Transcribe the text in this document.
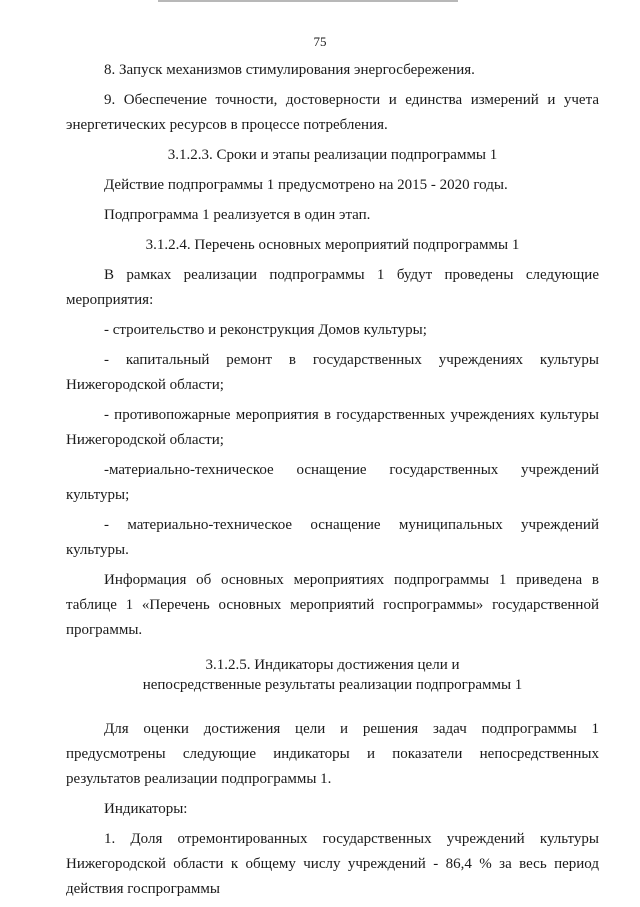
75

8. Запуск механизмов стимулирования энергосбережения.

9. Обеспечение точности, достоверности и единства измерений и учета энергетических ресурсов в процессе потребления.

3.1.2.3. Сроки и этапы реализации подпрограммы 1

Действие подпрограммы 1 предусмотрено на 2015 - 2020 годы.

Подпрограмма 1 реализуется в один этап.

3.1.2.4. Перечень основных мероприятий подпрограммы 1

В рамках реализации подпрограммы 1 будут проведены следующие мероприятия:

- строительство и реконструкция Домов культуры;

- капитальный ремонт в государственных учреждениях культуры Нижегородской области;

- противопожарные мероприятия в государственных учреждениях культуры Нижегородской области;

-материально-техническое оснащение государственных учреждений культуры;

- материально-техническое оснащение муниципальных учреждений культуры.

Информация об основных мероприятиях подпрограммы 1 приведена в таблице 1 «Перечень основных мероприятий госпрограммы» государственной программы.

3.1.2.5. Индикаторы достижения цели и
непосредственные результаты реализации подпрограммы 1

Для оценки достижения цели и решения задач подпрограммы 1 предусмотрены следующие индикаторы и показатели непосредственных результатов реализации подпрограммы 1.

Индикаторы:

1. Доля отремонтированных государственных учреждений культуры Нижегородской области к общему числу учреждений - 86,4 % за весь период действия госпрограммы
